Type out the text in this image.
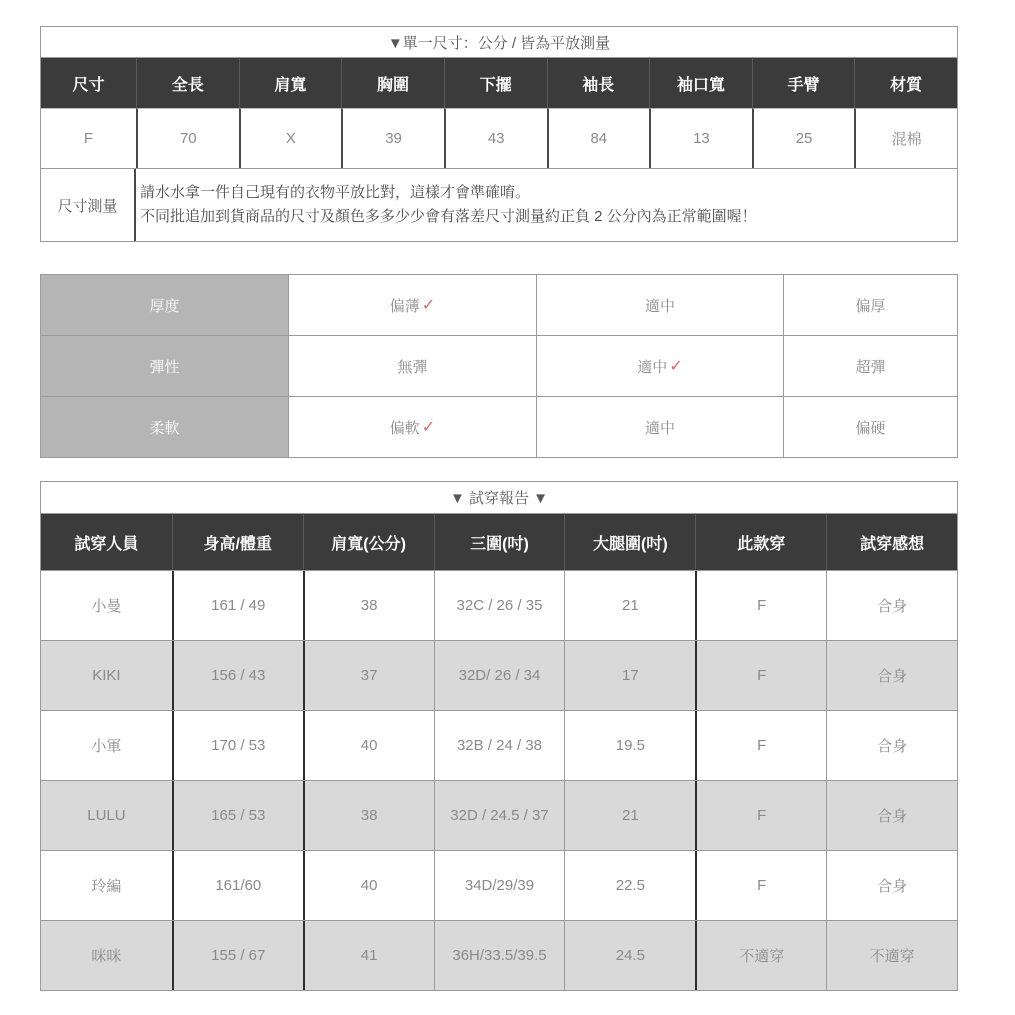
▼單一尺寸：公分 / 皆為平放測量
尺寸	全長	肩寬	胸圍	下擺	袖長	袖口寬	手臂	材質
F	70	X	39	43	84	13	25	混棉
尺寸測量
請水水拿一件自己現有的衣物平放比對，這樣才會準確唷。
不同批追加到貨商品的尺寸及顏色多多少少會有落差尺寸測量約正負 2 公分內為正常範圍喔！
厚度	偏薄 ✓	適中	偏厚
彈性	無彈	適中 ✓	超彈
柔軟	偏軟 ✓	適中	偏硬
▼ 試穿報告 ▼
試穿人員	身高/體重	肩寬(公分)	三圍(吋)	大腿圍(吋)	此款穿	試穿感想
小曼	161 / 49	38	32C / 26 / 35	21	F	合身
KIKI	156 / 43	37	32D/ 26 / 34	17	F	合身
小軍	170 / 53	40	32B / 24 / 38	19.5	F	合身
LULU	165 / 53	38	32D / 24.5 / 37	21	F	合身
玲編	161/60	40	34D/29/39	22.5	F	合身
咪咪	155 / 67	41	36H/33.5/39.5	24.5	不適穿	不適穿
